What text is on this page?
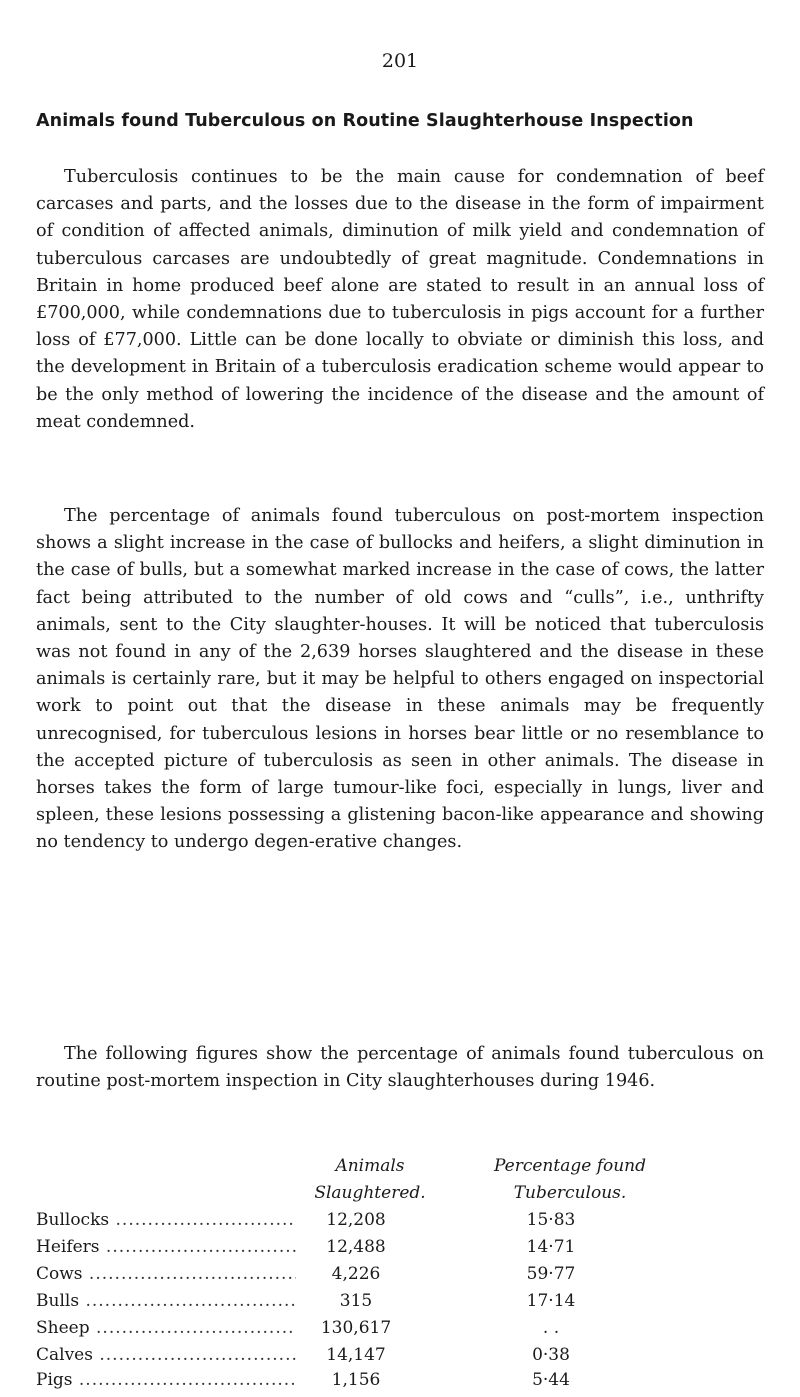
201
Animals found Tuberculous on Routine Slaughterhouse Inspection

Tuberculosis continues to be the main cause for condemnation of beef carcases and parts, and the losses due to the disease in the form of impairment of condition of affected animals, diminution of milk yield and condemnation of tuberculous carcases are undoubtedly of great magnitude. Condemnations in Britain in home produced beef alone are stated to result in an annual loss of £700,000, while condemnations due to tuberculosis in pigs account for a further loss of £77,000. Little can be done locally to obviate or diminish this loss, and the development in Britain of a tuberculosis eradication scheme would appear to be the only method of lowering the incidence of the disease and the amount of meat condemned.

The percentage of animals found tuberculous on post-mortem inspection shows a slight increase in the case of bullocks and heifers, a slight diminution in the case of bulls, but a somewhat marked increase in the case of cows, the latter fact being attributed to the number of old cows and “culls”, i.e., unthrifty animals, sent to the City slaughter-houses. It will be noticed that tuberculosis was not found in any of the 2,639 horses slaughtered and the disease in these animals is certainly rare, but it may be helpful to others engaged on inspectorial work to point out that the disease in these animals may be frequently unrecognised, for tuberculous lesions in horses bear little or no resemblance to the accepted picture of tuberculosis as seen in other animals. The disease in horses takes the form of large tumour-like foci, especially in lungs, liver and spleen, these lesions possessing a glistening bacon-like appearance and showing no tendency to undergo degen-erative changes.

The following figures show the percentage of animals found tuberculous on routine post-mortem inspection in City slaughterhouses during 1946.

Animals
Slaughtered.
Percentage found
Tuberculous.
Bullocks .....	12,208	15·83
Heifers .....	12,488	14·71
Cows .....	4,226	59·77
Bulls .....	315	17·14
Sheep .....	130,617	. .
Calves .....	14,147	0·38
Pigs .....	1,156	5·44
